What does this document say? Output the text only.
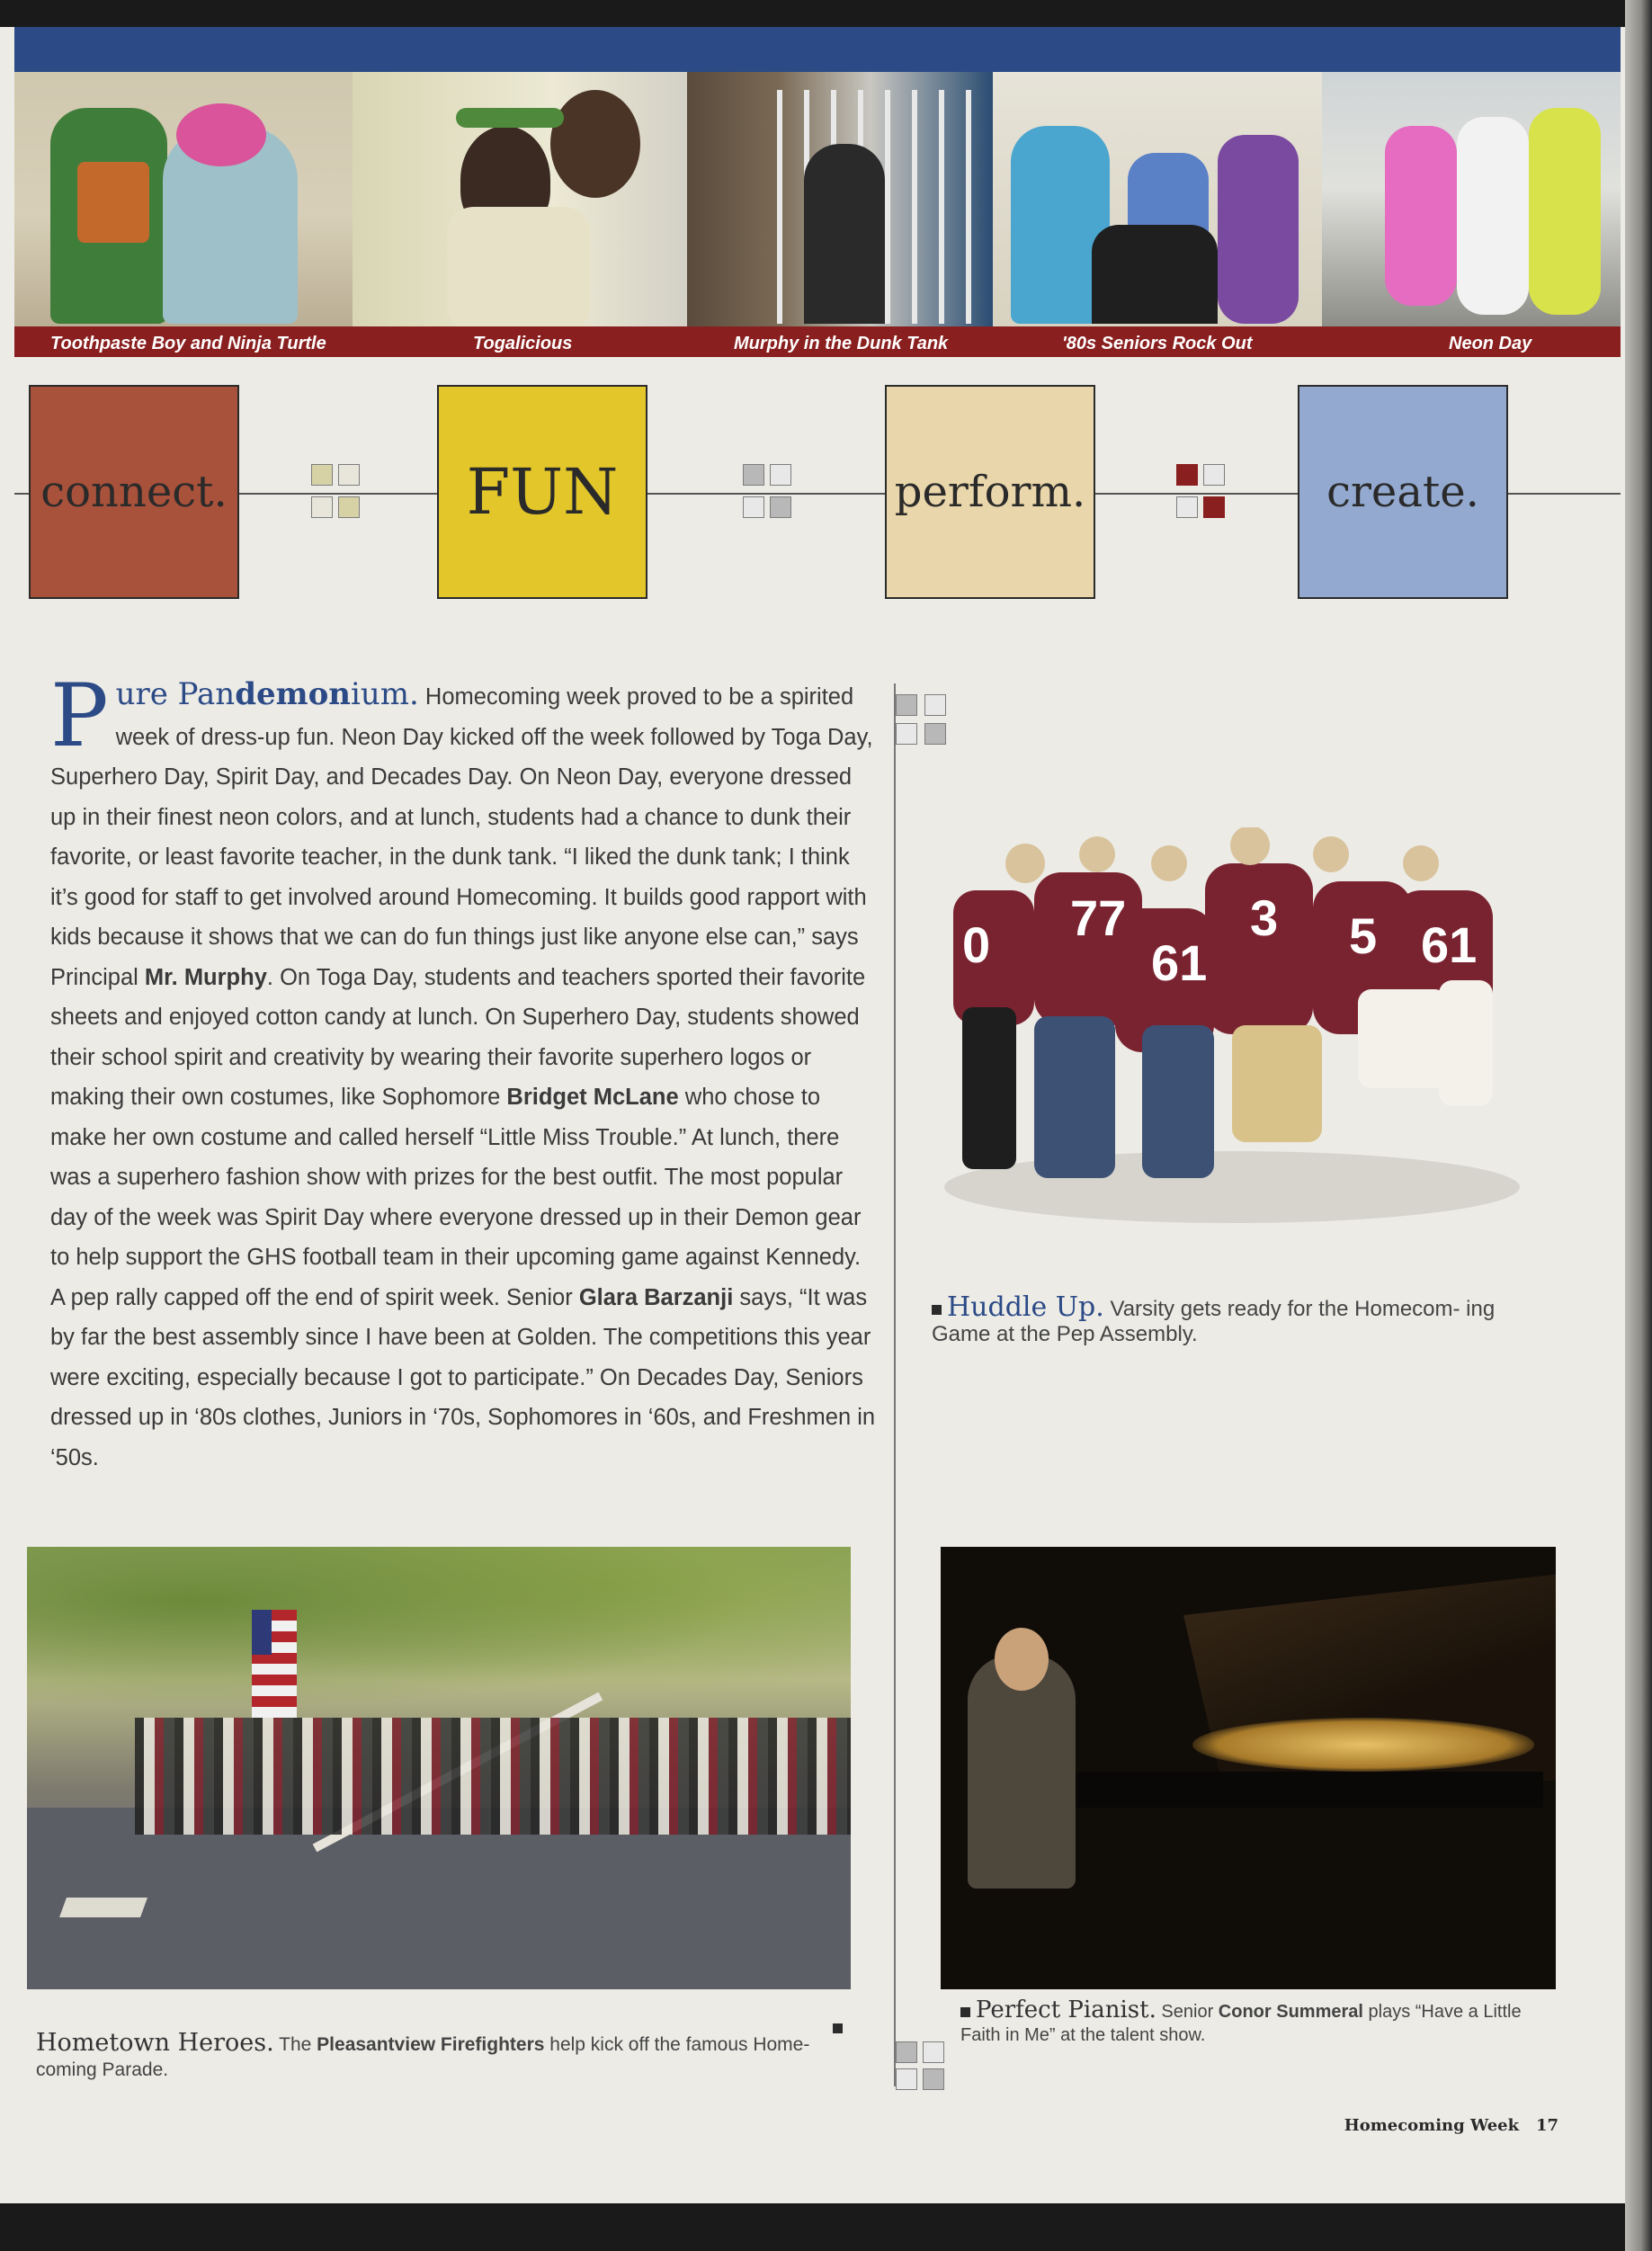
Toothpaste Boy and Ninja Turtle	Togalicious	Murphy in the Dunk Tank	'80s Seniors Rock Out	Neon Day
connect.	FUN	perform.	create.
Pure Pandemonium. Homecoming week proved to be a spirited week of dress-up fun. Neon Day kicked off the week followed by Toga Day, Superhero Day, Spirit Day, and Decades Day. On Neon Day, everyone dressed up in their finest neon colors, and at lunch, students had a chance to dunk their favorite, or least favorite teacher, in the dunk tank. “I liked the dunk tank; I think it’s good for staff to get involved around Homecoming. It builds good rapport with kids because it shows that we can do fun things just like anyone else can,” says Principal Mr. Murphy. On Toga Day, students and teachers sported their favorite sheets and enjoyed cotton candy at lunch. On Superhero Day, students showed their school spirit and creativity by wearing their favorite superhero logos or making their own costumes, like Sophomore Bridget McLane who chose to make her own costume and called herself “Little Miss Trouble.” At lunch, there was a superhero fashion show with prizes for the best outfit. The most popular day of the week was Spirit Day where everyone dressed up in their Demon gear to help support the GHS football team in their upcoming game against Kennedy. A pep rally capped off the end of spirit week. Senior Glara Barzanji says, “It was by far the best assembly since I have been at Golden. The competitions this year were exciting, especially because I got to participate.” On Decades Day, Seniors dressed up in ‘80s clothes, Juniors in ‘70s, Sophomores in ‘60s, and Freshmen in ‘50s.
0 77
61
3 5 61
Huddle Up. Varsity gets ready for the Homecom- ing Game at the Pep Assembly.
Hometown Heroes. The Pleasantview Firefighters help kick off the famous Home- coming Parade.
Perfect Pianist. Senior Conor Summeral plays “Have a Little Faith in Me” at the talent show.
Homecoming Week 17
